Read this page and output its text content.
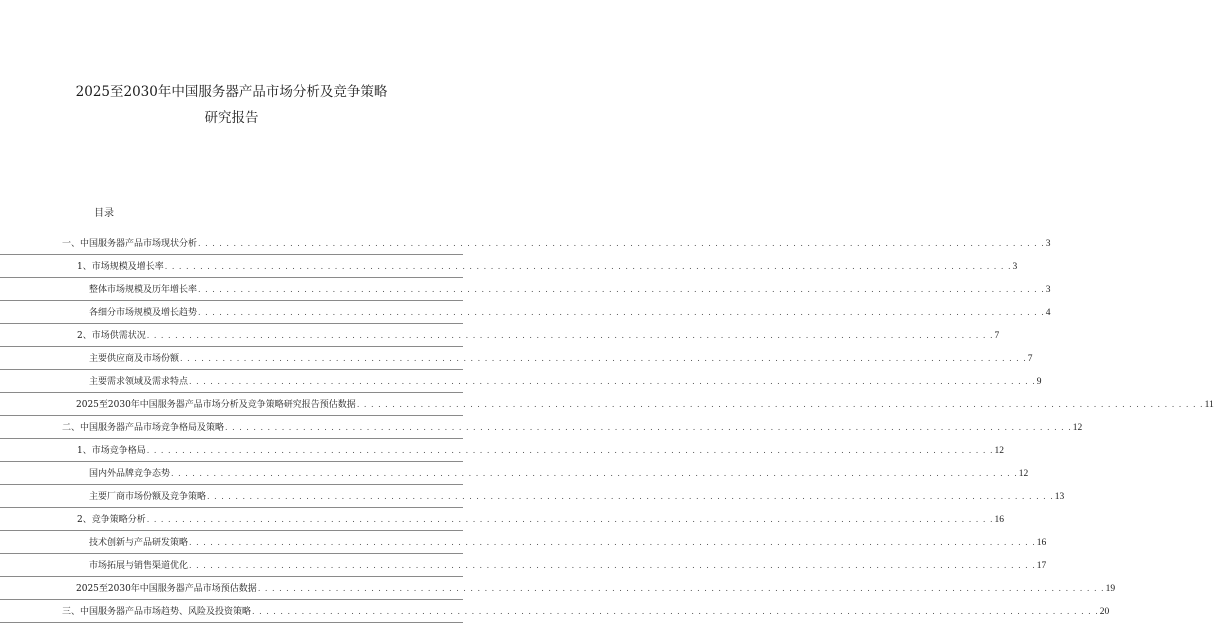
2025至2030年中国服务器产品市场分析及竞争策略
研究报告
目录
一、中国服务器产品市场现状分析 . . . . . . . . . . . . . . . . . . . . . . . . . . . . . . . . . . . . . . . . . . . . . . . . . . . . . . . . . . . . . . . . . . . . . . . . . . . . . . . . . . . . . . . . . . . . . . . . . . . . . . . . . . . . . . . . . . . . . . . . 3
1、市场规模及增长率 . . . . . . . . . . . . . . . . . . . . . . . . . . . . . . . . . . . . . . . . . . . . . . . . . . . . . . . . . . . . . . . . . . . . . . . . . . . . . . . . . . . . . . . . . . . . . . . . . . . . . . . . . . . . . . . . . . . . . . . . 3
整体市场规模及历年增长率 . . . . . . . . . . . . . . . . . . . . . . . . . . . . . . . . . . . . . . . . . . . . . . . . . . . . . . . . . . . . . . . . . . . . . . . . . . . . . . . . . . . . . . . . . . . . . . . . . . . . . . . . . . . . . . . . . . . . . . . . 3
各细分市场规模及增长趋势 . . . . . . . . . . . . . . . . . . . . . . . . . . . . . . . . . . . . . . . . . . . . . . . . . . . . . . . . . . . . . . . . . . . . . . . . . . . . . . . . . . . . . . . . . . . . . . . . . . . . . . . . . . . . . . . . . . . . . . . . 4
2、市场供需状况 . . . . . . . . . . . . . . . . . . . . . . . . . . . . . . . . . . . . . . . . . . . . . . . . . . . . . . . . . . . . . . . . . . . . . . . . . . . . . . . . . . . . . . . . . . . . . . . . . . . . . . . . . . . . . . . . . . . . . . . . 7
主要供应商及市场份额 . . . . . . . . . . . . . . . . . . . . . . . . . . . . . . . . . . . . . . . . . . . . . . . . . . . . . . . . . . . . . . . . . . . . . . . . . . . . . . . . . . . . . . . . . . . . . . . . . . . . . . . . . . . . . . . . . . . . . . . . 7
主要需求领域及需求特点 . . . . . . . . . . . . . . . . . . . . . . . . . . . . . . . . . . . . . . . . . . . . . . . . . . . . . . . . . . . . . . . . . . . . . . . . . . . . . . . . . . . . . . . . . . . . . . . . . . . . . . . . . . . . . . . . . . . . . . . . 9
2025至2030年中国服务器产品市场分析及竞争策略研究报告预估数据 . . . . . . . . . . . . . . . . . . . . . . . . . . . . . . . . . . . . . . . . . . . . . . . . . . . . . . . . . . . . . . . . . . . . . . . . . . . . . . . . . . . . . . . . . . . . . . . . . . . . . . . . . . . . . . . . . . . . . . . . 11
二、中国服务器产品市场竞争格局及策略 . . . . . . . . . . . . . . . . . . . . . . . . . . . . . . . . . . . . . . . . . . . . . . . . . . . . . . . . . . . . . . . . . . . . . . . . . . . . . . . . . . . . . . . . . . . . . . . . . . . . . . . . . . . . . . . . . . . . . . . . 12
1、市场竞争格局 . . . . . . . . . . . . . . . . . . . . . . . . . . . . . . . . . . . . . . . . . . . . . . . . . . . . . . . . . . . . . . . . . . . . . . . . . . . . . . . . . . . . . . . . . . . . . . . . . . . . . . . . . . . . . . . . . . . . . . . . 12
国内外品牌竞争态势 . . . . . . . . . . . . . . . . . . . . . . . . . . . . . . . . . . . . . . . . . . . . . . . . . . . . . . . . . . . . . . . . . . . . . . . . . . . . . . . . . . . . . . . . . . . . . . . . . . . . . . . . . . . . . . . . . . . . . . . . 12
主要厂商市场份额及竞争策略 . . . . . . . . . . . . . . . . . . . . . . . . . . . . . . . . . . . . . . . . . . . . . . . . . . . . . . . . . . . . . . . . . . . . . . . . . . . . . . . . . . . . . . . . . . . . . . . . . . . . . . . . . . . . . . . . . . . . . . . . 13
2、竞争策略分析 . . . . . . . . . . . . . . . . . . . . . . . . . . . . . . . . . . . . . . . . . . . . . . . . . . . . . . . . . . . . . . . . . . . . . . . . . . . . . . . . . . . . . . . . . . . . . . . . . . . . . . . . . . . . . . . . . . . . . . . . 16
技术创新与产品研发策略 . . . . . . . . . . . . . . . . . . . . . . . . . . . . . . . . . . . . . . . . . . . . . . . . . . . . . . . . . . . . . . . . . . . . . . . . . . . . . . . . . . . . . . . . . . . . . . . . . . . . . . . . . . . . . . . . . . . . . . . . 16
市场拓展与销售渠道优化 . . . . . . . . . . . . . . . . . . . . . . . . . . . . . . . . . . . . . . . . . . . . . . . . . . . . . . . . . . . . . . . . . . . . . . . . . . . . . . . . . . . . . . . . . . . . . . . . . . . . . . . . . . . . . . . . . . . . . . . . 17
2025至2030年中国服务器产品市场预估数据 . . . . . . . . . . . . . . . . . . . . . . . . . . . . . . . . . . . . . . . . . . . . . . . . . . . . . . . . . . . . . . . . . . . . . . . . . . . . . . . . . . . . . . . . . . . . . . . . . . . . . . . . . . . . . . . . . . . . . . . . 19
三、中国服务器产品市场趋势、风险及投资策略 . . . . . . . . . . . . . . . . . . . . . . . . . . . . . . . . . . . . . . . . . . . . . . . . . . . . . . . . . . . . . . . . . . . . . . . . . . . . . . . . . . . . . . . . . . . . . . . . . . . . . . . . . . . . . . . . . . . . . . . . 20
